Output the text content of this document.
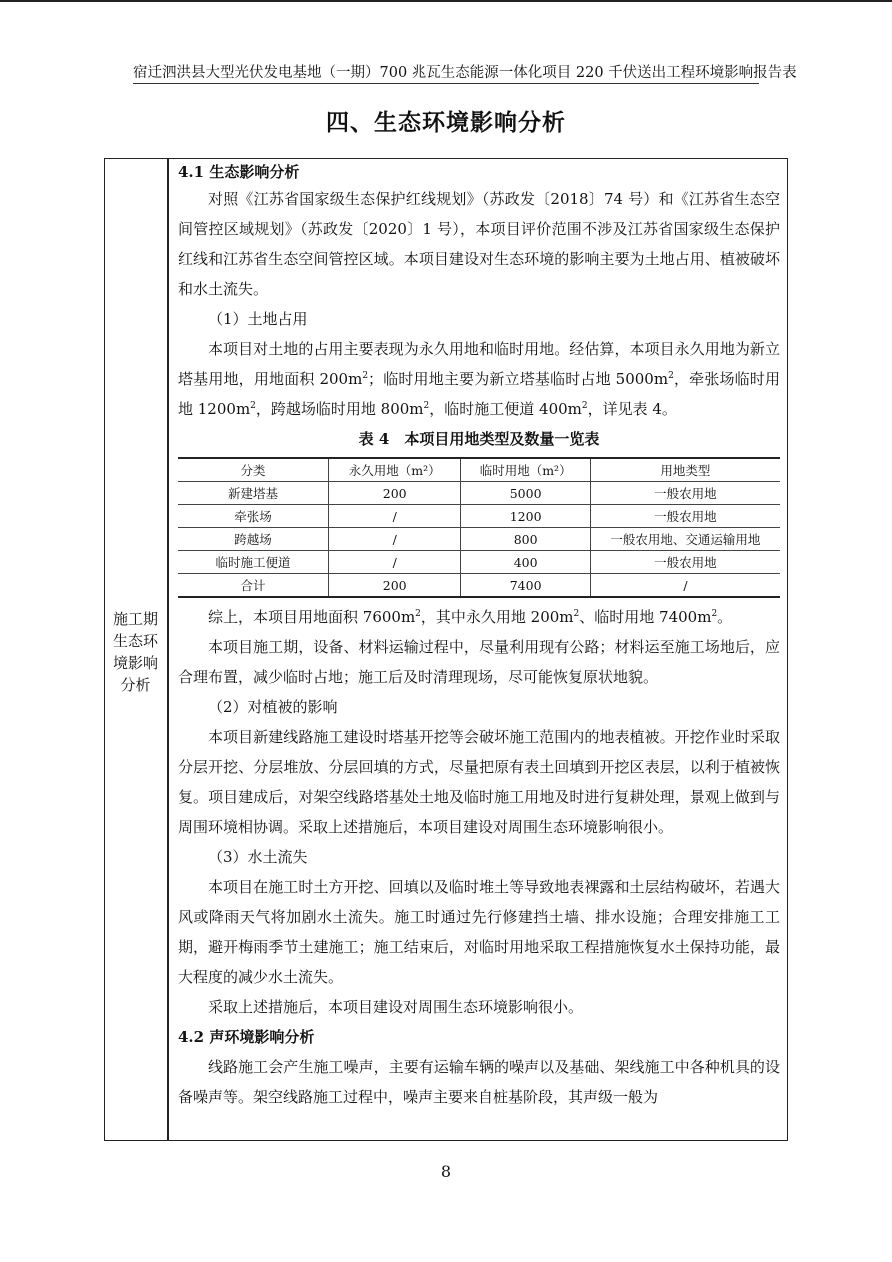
宿迁泗洪县大型光伏发电基地（一期）700 兆瓦生态能源一体化项目 220 千伏送出工程环境影响报告表
四、生态环境影响分析
施工期
生态环
境影响
分析

4.1 生态影响分析

对照《江苏省国家级生态保护红线规划》（苏政发〔2018〕74 号）和《江苏省生态空间管控区域规划》（苏政发〔2020〕1 号），本项目评价范围不涉及江苏省国家级生态保护红线和江苏省生态空间管控区域。本项目建设对生态环境的影响主要为土地占用、植被破坏和水土流失。

（1）土地占用

本项目对土地的占用主要表现为永久用地和临时用地。经估算，本项目永久用地为新立塔基用地，用地面积 $200m^2$；临时用地主要为新立塔基临时占地 $5000m^2$，牵张场临时用地 $1200m^2$，跨越场临时用地 $800m^2$，临时施工便道 $400m^2$，详见表 4。

表 4　本项目用地类型及数量一览表

分类	永久用地（m²）	临时用地（m²）	用地类型
新建塔基	200	5000	一般农用地
牵张场	/	1200	一般农用地
跨越场	/	800	一般农用地、交通运输用地
临时施工便道	/	400	一般农用地
合计	200	7400	/

综上，本项目用地面积 $7600m^2$，其中永久用地 $200m^2$、临时用地 $7400m^2$。

本项目施工期，设备、材料运输过程中，尽量利用现有公路；材料运至施工场地后，应合理布置，减少临时占地；施工后及时清理现场，尽可能恢复原状地貌。

（2）对植被的影响

本项目新建线路施工建设时塔基开挖等会破坏施工范围内的地表植被。开挖作业时采取分层开挖、分层堆放、分层回填的方式，尽量把原有表土回填到开挖区表层，以利于植被恢复。项目建成后，对架空线路塔基处土地及临时施工用地及时进行复耕处理，景观上做到与周围环境相协调。采取上述措施后，本项目建设对周围生态环境影响很小。

（3）水土流失

本项目在施工时土方开挖、回填以及临时堆土等导致地表裸露和土层结构破坏，若遇大风或降雨天气将加剧水土流失。施工时通过先行修建挡土墙、排水设施；合理安排施工工期，避开梅雨季节土建施工；施工结束后，对临时用地采取工程措施恢复水土保持功能，最大程度的减少水土流失。

采取上述措施后，本项目建设对周围生态环境影响很小。

4.2 声环境影响分析

线路施工会产生施工噪声，主要有运输车辆的噪声以及基础、架线施工中各种机具的设备噪声等。架空线路施工过程中，噪声主要来自桩基阶段，其声级一般为

8
